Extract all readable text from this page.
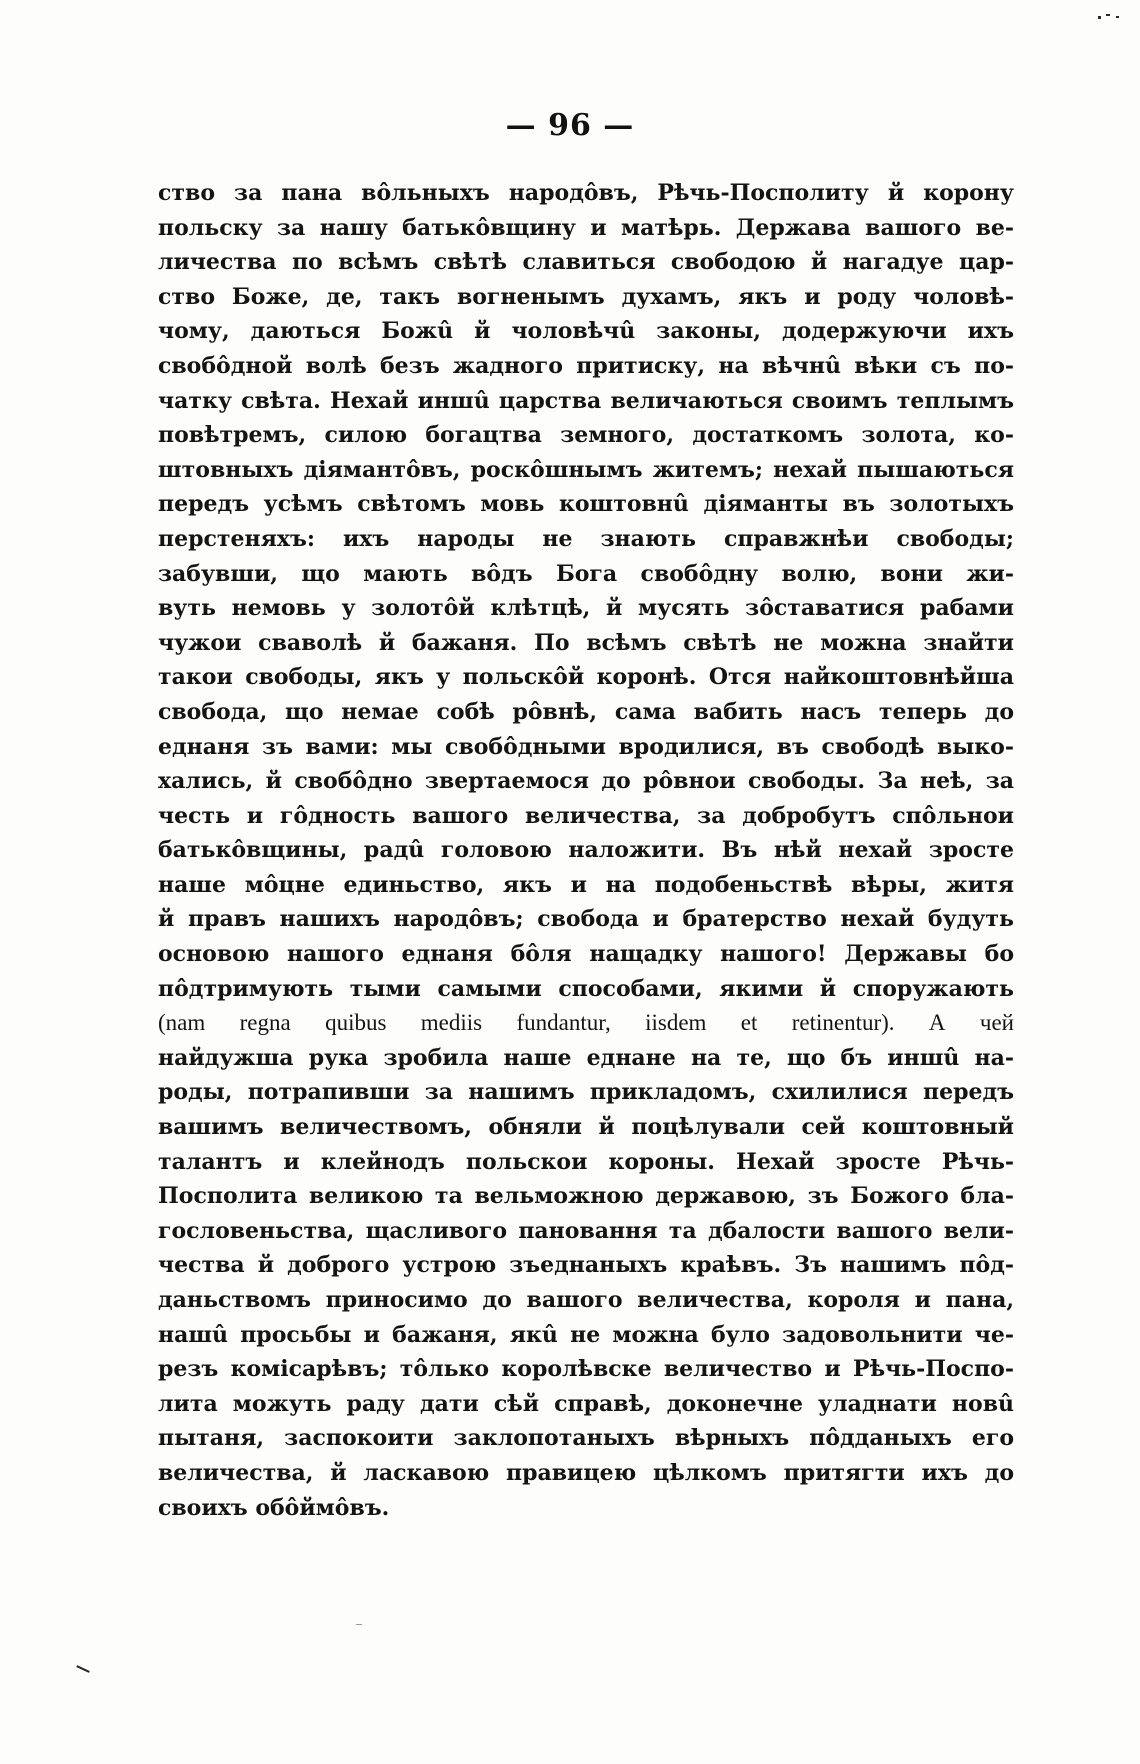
— 96 —
ство за пана вôльныхъ народôвъ, Рѣчь-Посполиту й корону
польску за нашу батькôвщину и матѣрь. Держава вашого ве-
личества по всѣмъ свѣтѣ славиться свободою й нагадуе цар-
ство Боже, де, такъ вогненымъ духамъ, якъ и роду чоловѣ-
чому, даються Божû й чоловѣчû законы, додержуючи ихъ
свобôдной волѣ безъ жадного притиску, на вѣчнû вѣки съ по-
чатку свѣта. Нехай иншû царства величаються своимъ теплымъ
повѣтремъ, силою богацтва земного, достаткомъ золота, ко-
штовныхъ дiямантôвъ, роскôшнымъ житемъ; нехай пышаються
передъ усѣмъ свѣтомъ мовь коштовнû дiяманты въ золотыхъ
перстеняхъ: ихъ народы не знають справжнѣи свободы;
забувши, що мають вôдъ Бога свобôдну волю, вони жи-
вуть немовь у золотôй клѣтцѣ, й мусять зôставатися рабами
чужои сваволѣ й бажаня. По всѣмъ свѣтѣ не можна знайти
такои свободы, якъ у польскôй коронѣ. Отся найкоштовнѣйша
свобода, що немае собѣ рôвнѣ, сама вабить насъ теперь до
еднаня зъ вами: мы свобôдными вродилися, въ свободѣ выко-
хались, й свобôдно звертаемося до рôвнои свободы. За неѣ, за
честь и гôдность вашого величества, за добробутъ спôльнои
батькôвщины, радû головою наложити. Въ нѣй нехай зросте
наше мôцне единьство, якъ и на подобеньствѣ вѣры, житя
й правъ нашихъ народôвъ; свобода и братерство нехай будуть
основою нашого еднаня бôля нащадку нашого! Державы бо
пôдтримують тыми самыми способами, якими й споружають
(nam regna quibus mediis fundantur, iisdem et retinentur). А чей
найдужша рука зробила наше еднане на те, що бъ иншû на-
роды, потрапивши за нашимъ прикладомъ, схилилися передъ
вашимъ величествомъ, обняли й поцѣлували сей коштовный
талантъ и клейнодъ польскои короны. Нехай зросте Рѣчь-
Посполита великою та вельможною державою, зъ Божого бла-
гословеньства, щасливого пановання та дбалости вашого вели-
чества й доброго устрою зъеднаныхъ краѣвъ. Зъ нашимъ пôд-
даньствомъ приносимо до вашого величества, короля и пана,
нашû просьбы и бажаня, якû не можна було задовольнити че-
резъ комiсарѣвъ; тôлько королѣвске величество и Рѣчь-Поспо-
лита можуть раду дати сѣй справѣ, доконечне уладнати новû
пытаня, заспокоити заклопотаныхъ вѣрныхъ пôдданыхъ его
величества, й ласкавою правицею цѣлкомъ притягти ихъ до
своихъ обôймôвъ.
